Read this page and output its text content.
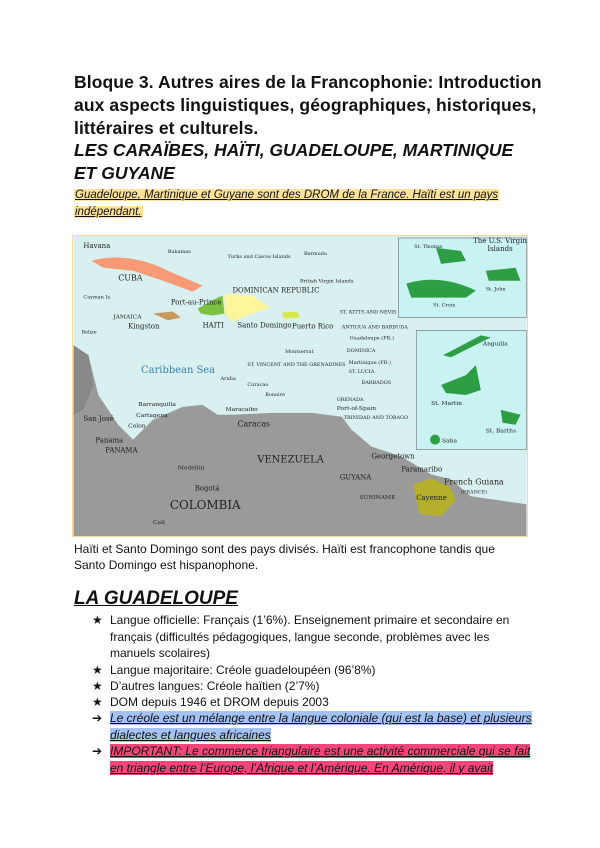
Bloque 3. Autres aires de la Francophonie: Introduction
aux aspects linguistiques, géographiques, historiques,
littéraires et culturels.
LES CARAÏBES, HAÏTI, GUADELOUPE, MARTINIQUE
ET GUYANE
Guadeloupe, Martinique et Guyane sont des DROM de la France. Haïti est un pays
indépendant.
Havana
CUBA
Bahamas
Turks and Caicos Islands	Bermuda
British Virgin Islands
DOMINICAN REPUBLIC
Port-au-Prince
HAITI Santo Domingo Puerto Rico
JAMAICA
Kingston
Cayman Is.
Belize
ST. KITTS AND NEVIS
ANTIGUA AND BARBUDA
Guadeloupe (FR.)
DOMINICA
Martinique (FR.)
ST. LUCIA
BARBADOS
Montserrat
ST. VINCENT AND THE GRENADINES
GRENADA
Port-of-Spain
TRINIDAD AND TOBAGO
Caribbean Sea
Aruba
Curacao
Bonaire
Barranquilla
Cartagena
Maracaibo
Caracas
San José
Colon
Panama
PANAMA
VENEZUELA
Medellín
Bogotá
COLOMBIA
Cali
Georgetown
GUYANA
Paramaribo
SURINAME	Cayenne
French Guiana
(FRANCE)
St. Thomas
St. John
St. Croix
Anguilla
St. Martin
St. Barths
Saba
The U.S. Virgin Islands
Haïti et Santo Domingo sont des pays divisés. Haïti est francophone tandis que
Santo Domingo est hispanophone.
LA GUADELOUPE
★ Langue officielle: Français (1’6%). Enseignement primaire et secondaire en français (difficultés pédagogiques, langue seconde, problèmes avec les manuels scolaires)
★ Langue majoritaire: Créole guadeloupéen (96’8%)
★ D’autres langues: Créole haïtien (2’7%)
★ DOM depuis 1946 et DROM depuis 2003
➔ Le créole est un mélange entre la langue coloniale (qui est la base) et plusieurs dialectes et langues africaines
➔ IMPORTANT: Le commerce triangulaire est une activité commerciale qui se fait en triangle entre l’Europe, l’Afrique et l’Amérique. En Amérique, il y avait
